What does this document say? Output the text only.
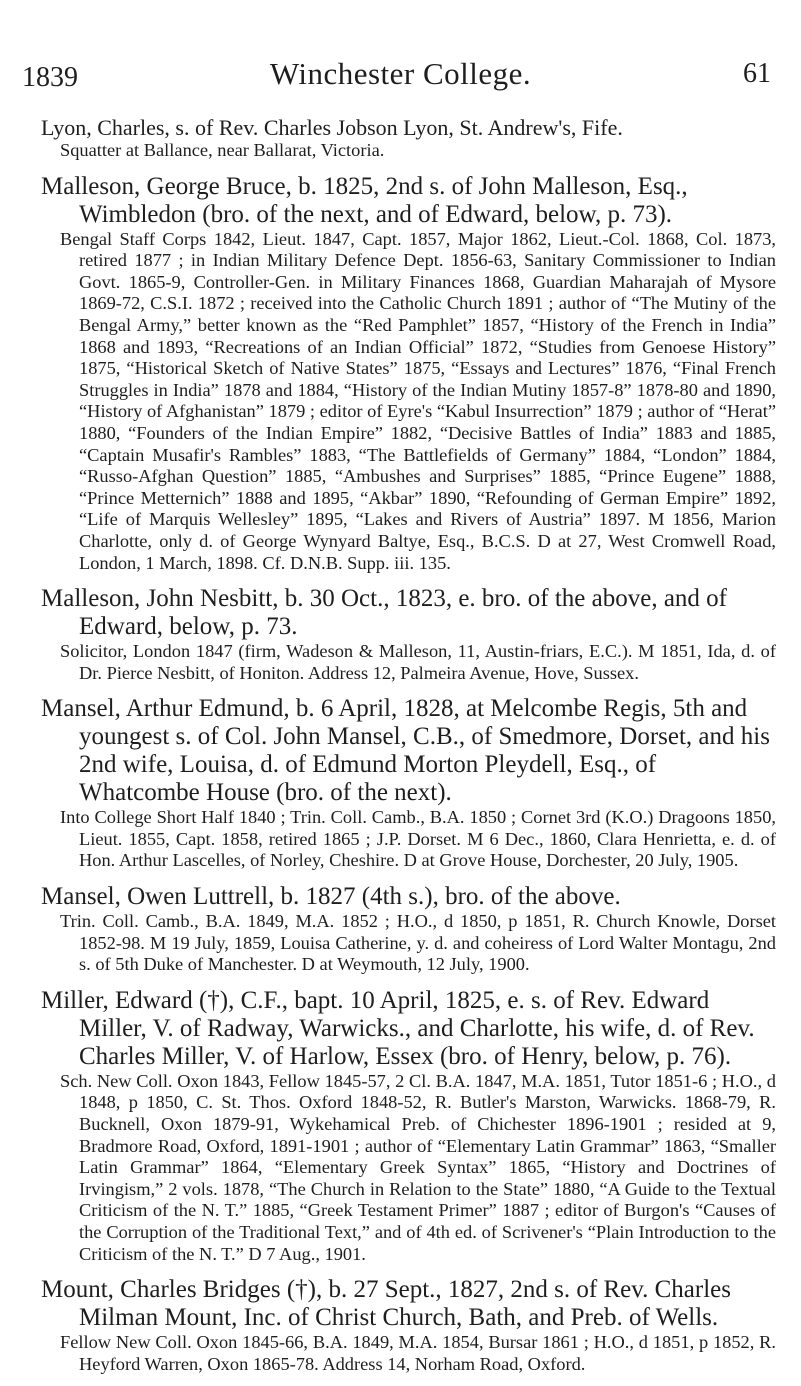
1839	Winchester College.	61

Lyon, Charles, s. of Rev. Charles Jobson Lyon, St. Andrew's, Fife.

Squatter at Ballance, near Ballarat, Victoria.

Malleson, George Bruce, b. 1825, 2nd s. of John Malleson, Esq., Wimbledon (bro. of the next, and of Edward, below, p. 73).

Bengal Staff Corps 1842, Lieut. 1847, Capt. 1857, Major 1862, Lieut.-Col. 1868, Col. 1873, retired 1877 ; in Indian Military Defence Dept. 1856-63, Sanitary Commissioner to Indian Govt. 1865-9, Controller-Gen. in Military Finances 1868, Guardian Maharajah of Mysore 1869-72, C.S.I. 1872 ; received into the Catholic Church 1891 ; author of “The Mutiny of the Bengal Army,” better known as the “Red Pamphlet” 1857, “History of the French in India” 1868 and 1893, “Recreations of an Indian Official” 1872, “Studies from Genoese History” 1875, “Historical Sketch of Native States” 1875, “Essays and Lectures” 1876, “Final French Struggles in India” 1878 and 1884, “History of the Indian Mutiny 1857-8” 1878-80 and 1890, “History of Afghanistan” 1879 ; editor of Eyre's “Kabul Insurrection” 1879 ; author of “Herat” 1880, “Founders of the Indian Empire” 1882, “Decisive Battles of India” 1883 and 1885, “Captain Musafir's Rambles” 1883, “The Battlefields of Germany” 1884, “London” 1884, “Russo-Afghan Question” 1885, “Ambushes and Surprises” 1885, “Prince Eugene” 1888, “Prince Metternich” 1888 and 1895, “Akbar” 1890, “Refounding of German Empire” 1892, “Life of Marquis Wellesley” 1895, “Lakes and Rivers of Austria” 1897. M 1856, Marion Charlotte, only d. of George Wynyard Baltye, Esq., B.C.S. D at 27, West Cromwell Road, London, 1 March, 1898. Cf. D.N.B. Supp. iii. 135.

Malleson, John Nesbitt, b. 30 Oct., 1823, e. bro. of the above, and of Edward, below, p. 73.

Solicitor, London 1847 (firm, Wadeson & Malleson, 11, Austin-friars, E.C.). M 1851, Ida, d. of Dr. Pierce Nesbitt, of Honiton. Address 12, Palmeira Avenue, Hove, Sussex.

Mansel, Arthur Edmund, b. 6 April, 1828, at Melcombe Regis, 5th and youngest s. of Col. John Mansel, C.B., of Smedmore, Dorset, and his 2nd wife, Louisa, d. of Edmund Morton Pleydell, Esq., of Whatcombe House (bro. of the next).

Into College Short Half 1840 ; Trin. Coll. Camb., B.A. 1850 ; Cornet 3rd (K.O.) Dragoons 1850, Lieut. 1855, Capt. 1858, retired 1865 ; J.P. Dorset. M 6 Dec., 1860, Clara Henrietta, e. d. of Hon. Arthur Lascelles, of Norley, Cheshire. D at Grove House, Dorchester, 20 July, 1905.

Mansel, Owen Luttrell, b. 1827 (4th s.), bro. of the above.

Trin. Coll. Camb., B.A. 1849, M.A. 1852 ; H.O., d 1850, p 1851, R. Church Knowle, Dorset 1852-98. M 19 July, 1859, Louisa Catherine, y. d. and coheiress of Lord Walter Montagu, 2nd s. of 5th Duke of Manchester. D at Weymouth, 12 July, 1900.

Miller, Edward (†), C.F., bapt. 10 April, 1825, e. s. of Rev. Edward Miller, V. of Radway, Warwicks., and Charlotte, his wife, d. of Rev. Charles Miller, V. of Harlow, Essex (bro. of Henry, below, p. 76).

Sch. New Coll. Oxon 1843, Fellow 1845-57, 2 Cl. B.A. 1847, M.A. 1851, Tutor 1851-6 ; H.O., d 1848, p 1850, C. St. Thos. Oxford 1848-52, R. Butler's Marston, Warwicks. 1868-79, R. Bucknell, Oxon 1879-91, Wykehamical Preb. of Chichester 1896-1901 ; resided at 9, Bradmore Road, Oxford, 1891-1901 ; author of “Elementary Latin Grammar” 1863, “Smaller Latin Grammar” 1864, “Elementary Greek Syntax” 1865, “History and Doctrines of Irvingism,” 2 vols. 1878, “The Church in Relation to the State” 1880, “A Guide to the Textual Criticism of the N. T.” 1885, “Greek Testament Primer” 1887 ; editor of Burgon's “Causes of the Corruption of the Traditional Text,” and of 4th ed. of Scrivener's “Plain Introduction to the Criticism of the N. T.” D 7 Aug., 1901.

Mount, Charles Bridges (†), b. 27 Sept., 1827, 2nd s. of Rev. Charles Milman Mount, Inc. of Christ Church, Bath, and Preb. of Wells.

Fellow New Coll. Oxon 1845-66, B.A. 1849, M.A. 1854, Bursar 1861 ; H.O., d 1851, p 1852, R. Heyford Warren, Oxon 1865-78. Address 14, Norham Road, Oxford.
